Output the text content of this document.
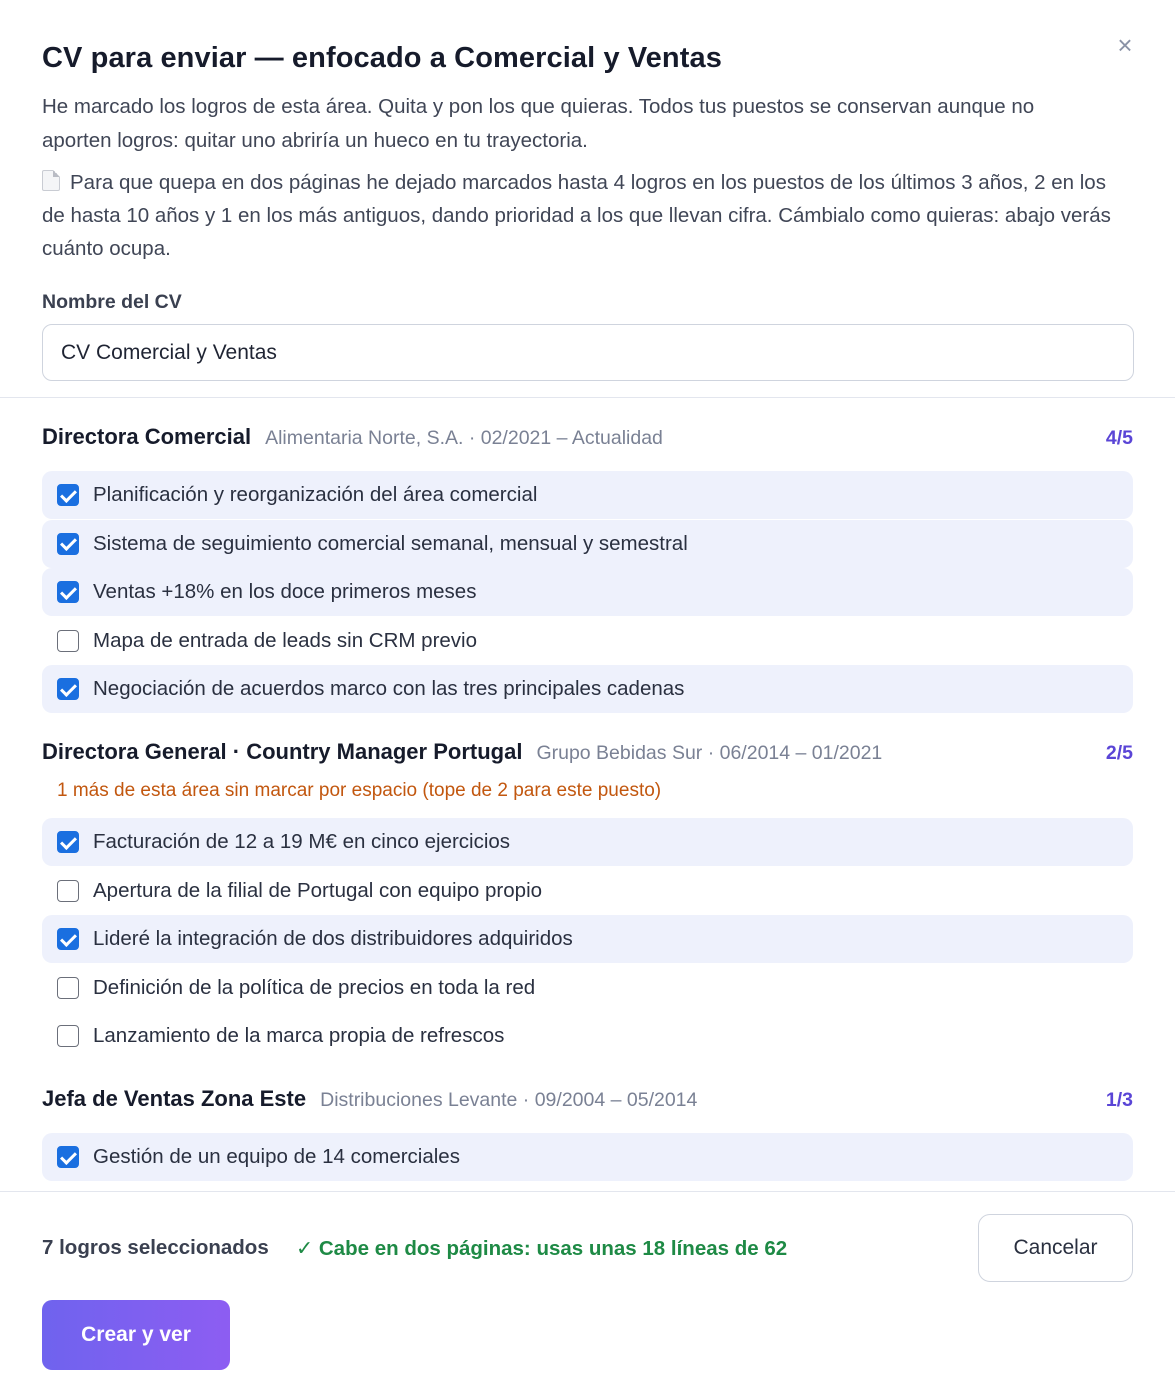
×
CV para enviar — enfocado a Comercial y Ventas

He marcado los logros de esta área. Quita y pon los que quieras. Todos tus puestos se conservan aunque no aporten logros: quitar uno abriría un hueco en tu trayectoria.

Para que quepa en dos páginas he dejado marcados hasta 4 logros en los puestos de los últimos 3 años, 2 en los de hasta 10 años y 1 en los más antiguos, dando prioridad a los que llevan cifra. Cámbialo como quieras: abajo verás cuánto ocupa.

Nombre del CV
CV Comercial y Ventas
Directora Comercial Alimentaria Norte, S.A. · 02/2021 – Actualidad	4/5
Planificación y reorganización del área comercial
Sistema de seguimiento comercial semanal, mensual y semestral
Ventas +18% en los doce primeros meses
Mapa de entrada de leads sin CRM previo
Negociación de acuerdos marco con las tres principales cadenas
Directora General · Country Manager Portugal Grupo Bebidas Sur · 06/2014 – 01/2021	2/5
1 más de esta área sin marcar por espacio (tope de 2 para este puesto)
Facturación de 12 a 19 M€ en cinco ejercicios
Apertura de la filial de Portugal con equipo propio
Lideré la integración de dos distribuidores adquiridos
Definición de la política de precios en toda la red
Lanzamiento de la marca propia de refrescos
Jefa de Ventas Zona Este Distribuciones Levante · 09/2004 – 05/2014	1/3
Gestión de un equipo de 14 comerciales
7 logros seleccionados ✓ Cabe en dos páginas: usas unas 18 líneas de 62	Cancelar
Crear y ver
